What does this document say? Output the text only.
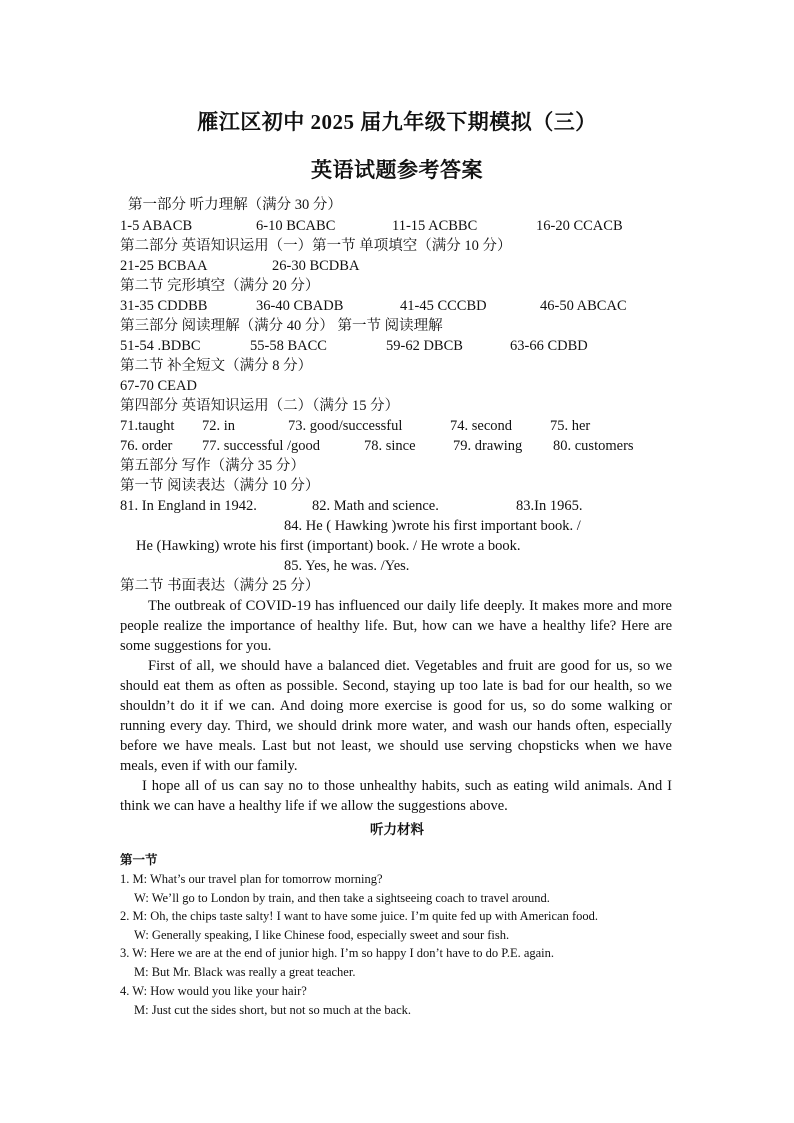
雁江区初中 2025 届九年级下期模拟（三）
英语试题参考答案
第一部分 听力理解（满分 30 分）
1-5 ABACB	6-10 BCABC	11-15 ACBBC	16-20 CCACB
第二部分 英语知识运用（一）第一节 单项填空（满分 10 分）
21-25 BCBAA	26-30 BCDBA
第二节 完形填空（满分 20 分）
31-35 CDDBB	36-40 CBADB	41-45 CCCBD	46-50 ABCAC
第三部分 阅读理解（满分 40 分） 第一节 阅读理解
51-54 .BDBC	55-58 BACC	59-62 DBCB	63-66 CDBD
第二节 补全短文（满分 8 分）
67-70 CEAD
第四部分 英语知识运用（二）（满分 15 分）
71.taught	72. in	73. good/successful	74. second	75. her
76. order	77. successful /good	78. since	79. drawing	80. customers
第五部分 写作（满分 35 分）
第一节 阅读表达（满分 10 分）
81. In England in 1942.	82. Math and science.	83.In 1965.
84. He ( Hawking )wrote his first important book. /
He (Hawking) wrote his first (important) book. / He wrote a book.
85. Yes, he was. /Yes.
第二节 书面表达（满分 25 分）
The outbreak of COVID-19 has influenced our daily life deeply. It makes more and more people realize the importance of healthy life. But, how can we have a healthy life? Here are some suggestions for you.
First of all, we should have a balanced diet. Vegetables and fruit are good for us, so we should eat them as often as possible. Second, staying up too late is bad for our health, so we shouldn’t do it if we can. And doing more exercise is good for us, so do some walking or running every day. Third, we should drink more water, and wash our hands often, especially before we have meals. Last but not least, we should use serving chopsticks when we have meals, even if with our family.
I hope all of us can say no to those unhealthy habits, such as eating wild animals. And I think we can have a healthy life if we allow the suggestions above.
听力材料
第一节
1. M: What’s our travel plan for tomorrow morning?
W: We’ll go to London by train, and then take a sightseeing coach to travel around.
2. M: Oh, the chips taste salty! I want to have some juice. I’m quite fed up with American food.
W: Generally speaking, I like Chinese food, especially sweet and sour fish.
3. W: Here we are at the end of junior high. I’m so happy I don’t have to do P.E. again.
M: But Mr. Black was really a great teacher.
4. W: How would you like your hair?
M: Just cut the sides short, but not so much at the back.
